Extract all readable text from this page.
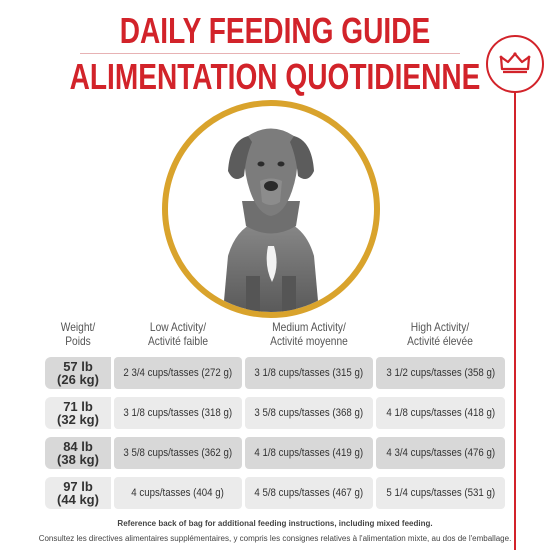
DAILY FEEDING GUIDE
ALIMENTATION QUOTIDIENNE
Weight/
Poids
Low Activity/
Activité faible
Medium Activity/
Activité moyenne
High Activity/
Activité élevée
57 lb
(26 kg)	2 3/4 cups/tasses (272 g) 3 1/8 cups/tasses (315 g) 3 1/2 cups/tasses (358 g)
71 lb
(32 kg)	3 1/8 cups/tasses (318 g) 3 5/8 cups/tasses (368 g) 4 1/8 cups/tasses (418 g)
84 lb
(38 kg)	3 5/8 cups/tasses (362 g) 4 1/8 cups/tasses (419 g) 4 3/4 cups/tasses (476 g)
97 lb
(44 kg)	4 cups/tasses (404 g)	4 5/8 cups/tasses (467 g) 5 1/4 cups/tasses (531 g)
Reference back of bag for additional feeding instructions, including mixed feeding.
Consultez les directives alimentaires supplémentaires, y compris les consignes relatives à l'alimentation mixte, au dos de l'emballage.
